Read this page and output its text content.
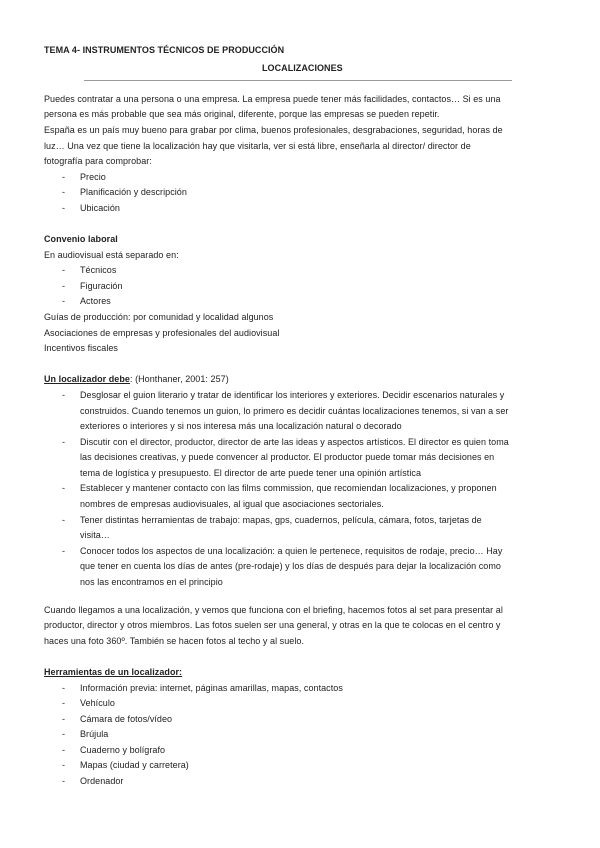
TEMA 4- INSTRUMENTOS TÉCNICOS DE PRODUCCIÓN
LOCALIZACIONES
Puedes contratar a una persona o una empresa. La empresa puede tener más facilidades, contactos… Si es una
persona es más probable que sea más original, diferente, porque las empresas se pueden repetir.
España es un país muy bueno para grabar por clima, buenos profesionales, desgrabaciones, seguridad, horas de
luz… Una vez que tiene la localización hay que visitarla, ver si está libre, enseñarla al director/ director de
fotografía para comprobar:
- Precio
- Planificación y descripción
- Ubicación
Convenio laboral
En audiovisual está separado en:
- Técnicos
- Figuración
- Actores
Guías de producción: por comunidad y localidad algunos
Asociaciones de empresas y profesionales del audiovisual
Incentivos fiscales
Un localizador debe: (Honthaner, 2001: 257)
- Desglosar el guion literario y tratar de identificar los interiores y exteriores. Decidir escenarios naturales y
construidos. Cuando tenemos un guion, lo primero es decidir cuántas localizaciones tenemos, si van a ser
exteriores o interiores y si nos interesa más una localización natural o decorado
- Discutir con el director, productor, director de arte las ideas y aspectos artísticos. El director es quien toma
las decisiones creativas, y puede convencer al productor. El productor puede tomar más decisiones en
tema de logística y presupuesto. El director de arte puede tener una opinión artística
- Establecer y mantener contacto con las films commission, que recomiendan localizaciones, y proponen
nombres de empresas audiovisuales, al igual que asociaciones sectoriales.
- Tener distintas herramientas de trabajo: mapas, gps, cuadernos, película, cámara, fotos, tarjetas de
visita…
- Conocer todos los aspectos de una localización: a quien le pertenece, requisitos de rodaje, precio… Hay
que tener en cuenta los días de antes (pre-rodaje) y los días de después para dejar la localización como
nos las encontramos en el principio
Cuando llegamos a una localización, y vemos que funciona con el briefing, hacemos fotos al set para presentar al
productor, director y otros miembros. Las fotos suelen ser una general, y otras en la que te colocas en el centro y
haces una foto 360º. También se hacen fotos al techo y al suelo.
Herramientas de un localizador:
- Información previa: internet, páginas amarillas, mapas, contactos
- Vehículo
- Cámara de fotos/vídeo
- Brújula
- Cuaderno y bolígrafo
- Mapas (ciudad y carretera)
- Ordenador
